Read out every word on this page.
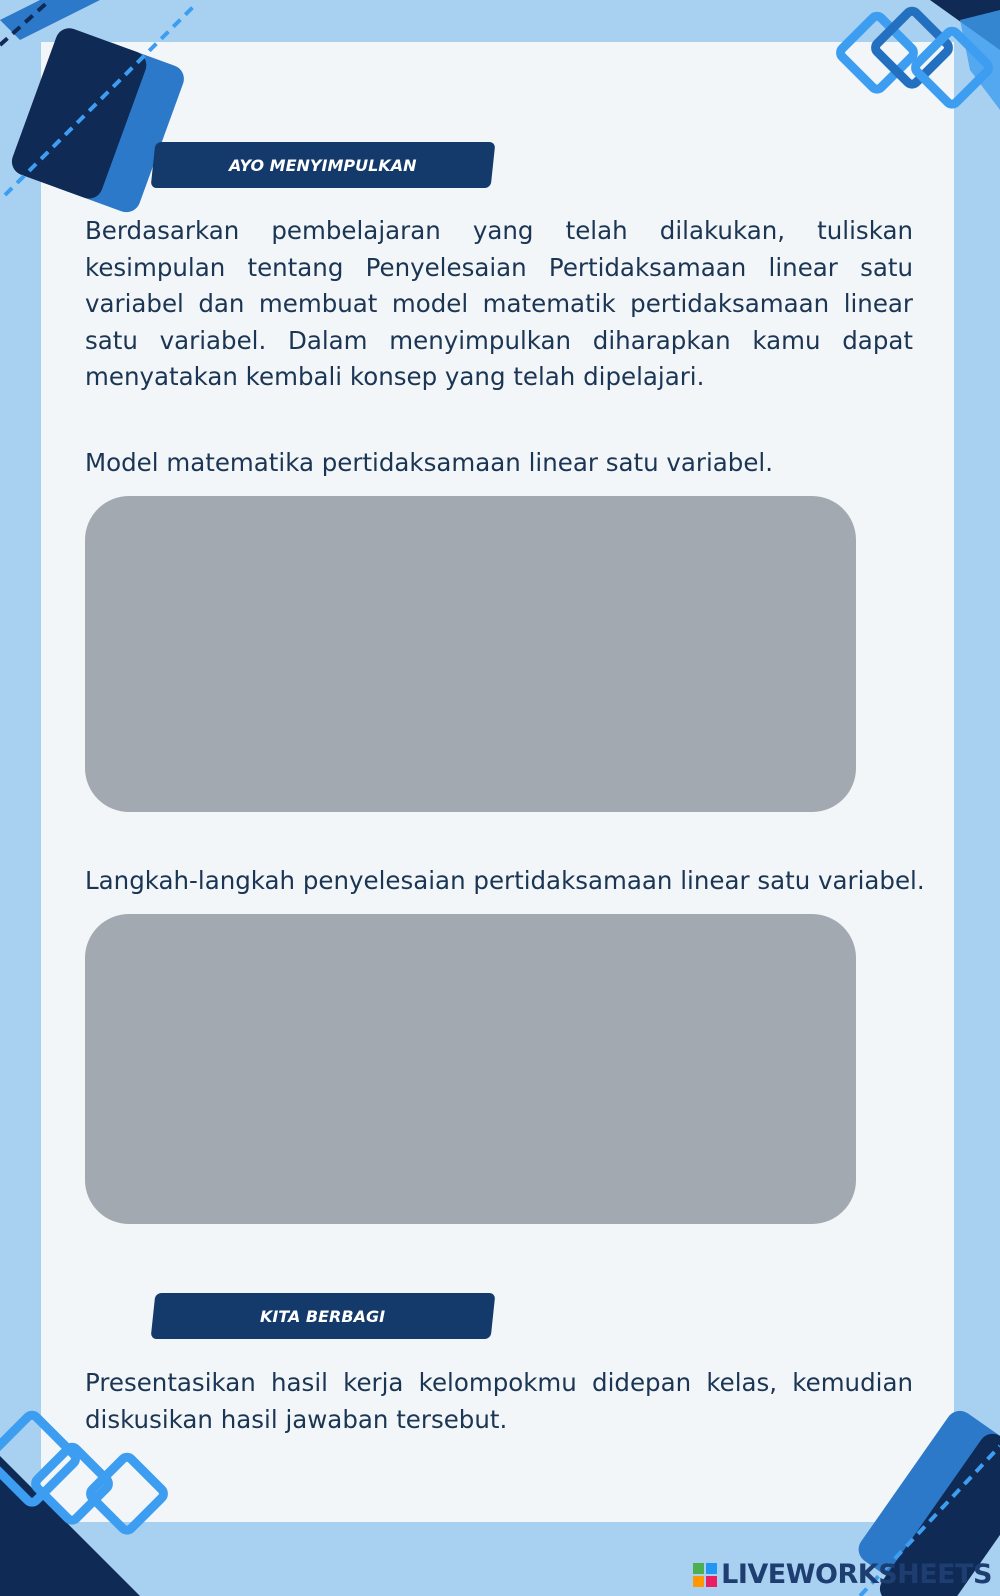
AYO MENYIMPULKAN

Berdasarkan pembelajaran yang telah dilakukan, tuliskan kesimpulan tentang Penyelesaian Pertidaksamaan linear satu variabel dan membuat model matematik pertidaksamaan linear satu variabel. Dalam menyimpulkan diharapkan kamu dapat menyatakan kembali konsep yang telah dipelajari.

Model matematika pertidaksamaan linear satu variabel.

Langkah-langkah penyelesaian pertidaksamaan linear satu variabel.

KITA BERBAGI

Presentasikan hasil kerja kelompokmu didepan kelas, kemudian diskusikan hasil jawaban tersebut.

LIVEWORKSHEETS
